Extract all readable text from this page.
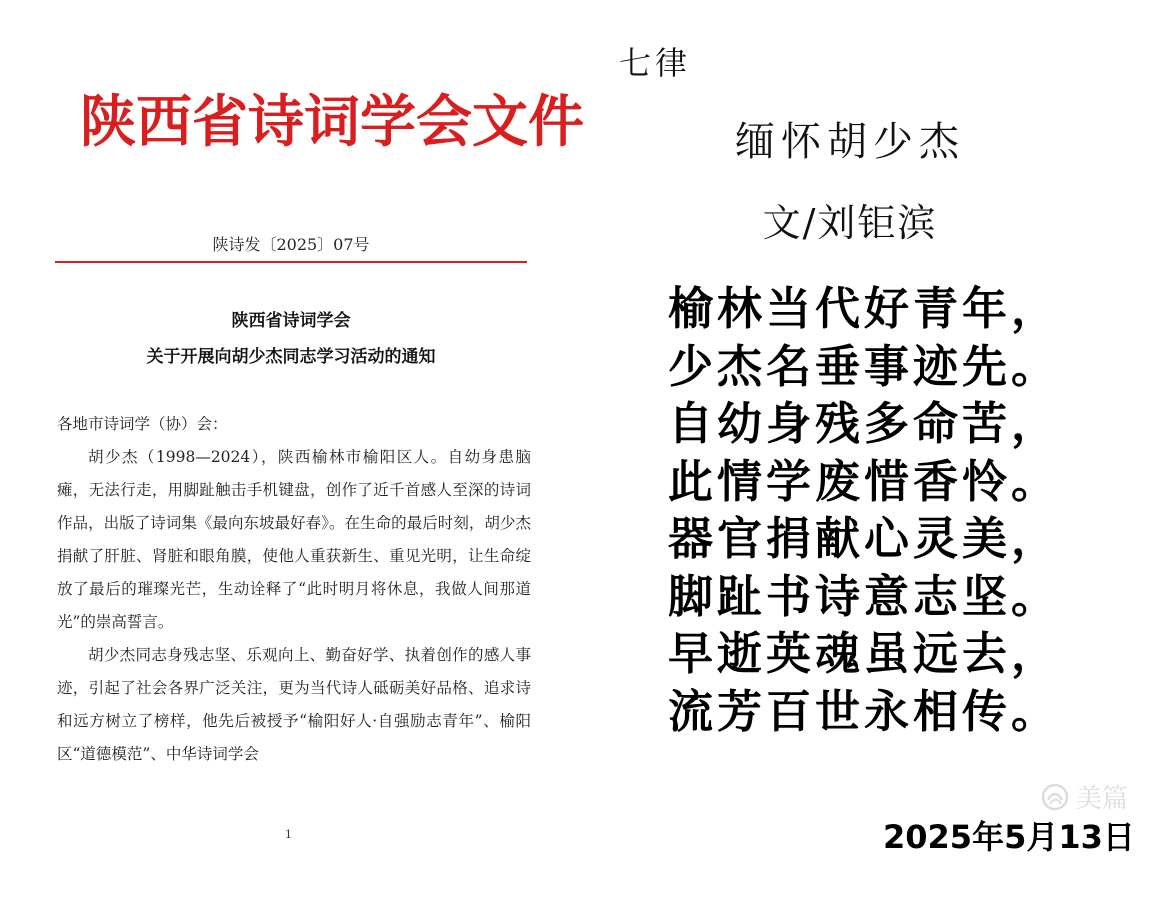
陕西省诗词学会文件
陕诗发〔2025〕07号
陕西省诗词学会
关于开展向胡少杰同志学习活动的通知

各地市诗词学（协）会：

胡少杰（1998—2024），陕西榆林市榆阳区人。自幼身患脑瘫，无法行走，用脚趾触击手机键盘，创作了近千首感人至深的诗词作品，出版了诗词集《最向东坡最好春》。在生命的最后时刻，胡少杰捐献了肝脏、肾脏和眼角膜，使他人重获新生、重见光明，让生命绽放了最后的璀璨光芒，生动诠释了“此时明月将休息，我做人间那道光”的崇高誓言。

胡少杰同志身残志坚、乐观向上、勤奋好学、执着创作的感人事迹，引起了社会各界广泛关注，更为当代诗人砥砺美好品格、追求诗和远方树立了榜样，他先后被授予“榆阳好人·自强励志青年”、榆阳区“道德模范”、中华诗词学会

1
七律
缅怀胡少杰
文/刘钜滨
榆林当代好青年，
少杰名垂事迹先。
自幼身残多命苦，
此情学废惜香怜。
器官捐献心灵美，
脚趾书诗意志坚。
早逝英魂虽远去，
流芳百世永相传。
2025年5月13日
美篇
